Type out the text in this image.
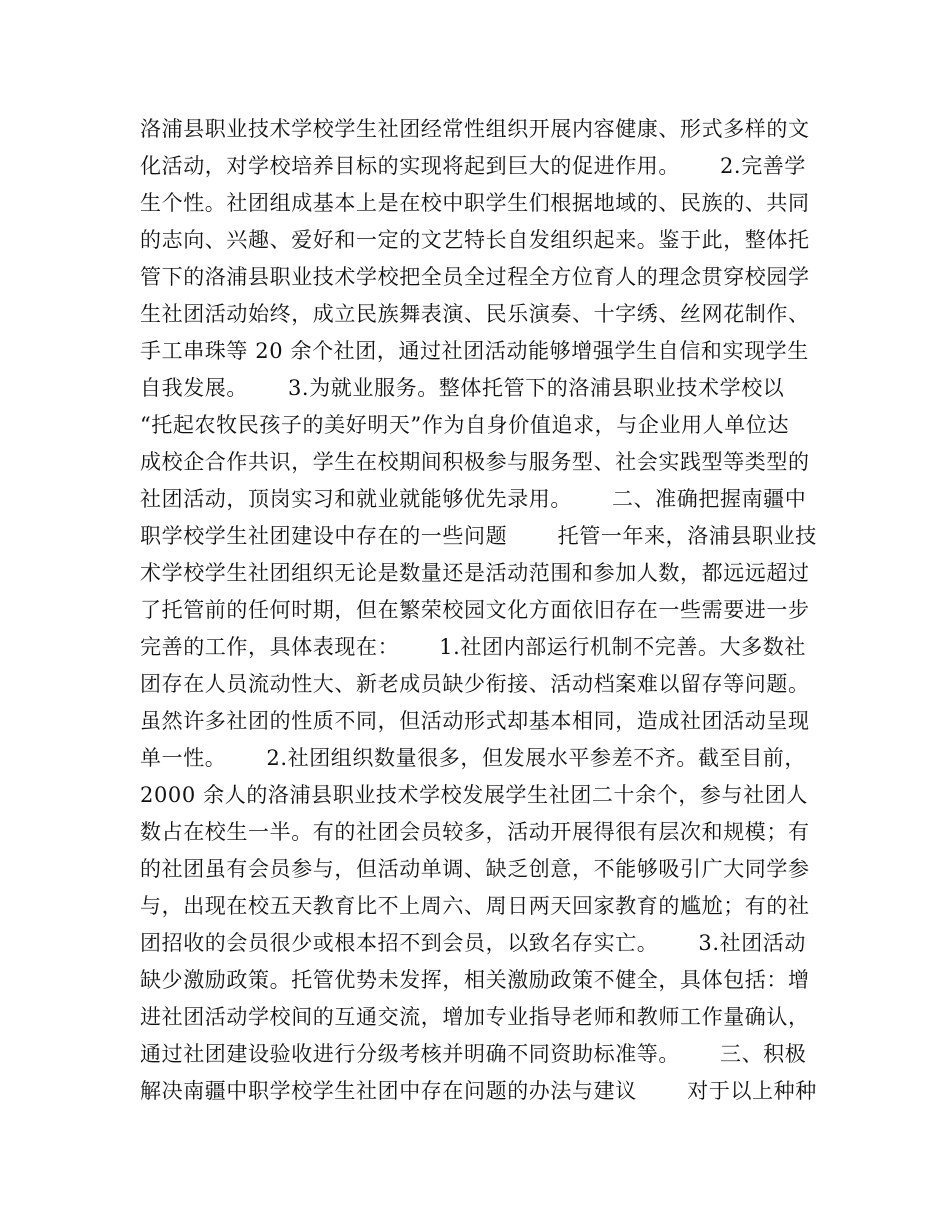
洛浦县职业技术学校学生社团经常性组织开展内容健康、形式多样的文
化活动，对学校培养目标的实现将起到巨大的促进作用。　　 2.完善学
生个性。社团组成基本上是在校中职学生们根据地域的、民族的、共同
的志向、兴趣、爱好和一定的文艺特长自发组织起来。鉴于此，整体托
管下的洛浦县职业技术学校把全员全过程全方位育人的理念贯穿校园学
生社团活动始终，成立民族舞表演、民乐演奏、十字绣、丝网花制作、
手工串珠等 20 余个社团，通过社团活动能够增强学生自信和实现学生
自我发展。　　 3.为就业服务。整体托管下的洛浦县职业技术学校以
“托起农牧民孩子的美好明天”作为自身价值追求，与企业用人单位达
成校企合作共识，学生在校期间积极参与服务型、社会实践型等类型的
社团活动，顶岗实习和就业就能够优先录用。　　 二、准确把握南疆中
职学校学生社团建设中存在的一些问题　　 托管一年来，洛浦县职业技
术学校学生社团组织无论是数量还是活动范围和参加人数，都远远超过
了托管前的任何时期，但在繁荣校园文化方面依旧存在一些需要进一步
完善的工作，具体表现在：　　 1.社团内部运行机制不完善。大多数社
团存在人员流动性大、新老成员缺少衔接、活动档案难以留存等问题。
虽然许多社团的性质不同，但活动形式却基本相同，造成社团活动呈现
单一性。　　 2.社团组织数量很多，但发展水平参差不齐。截至目前，
2000 余人的洛浦县职业技术学校发展学生社团二十余个，参与社团人
数占在校生一半。有的社团会员较多，活动开展得很有层次和规模；有
的社团虽有会员参与，但活动单调、缺乏创意，不能够吸引广大同学参
与，出现在校五天教育比不上周六、周日两天回家教育的尴尬；有的社
团招收的会员很少或根本招不到会员，以致名存实亡。　　 3.社团活动
缺少激励政策。托管优势未发挥，相关激励政策不健全，具体包括：增
进社团活动学校间的互通交流，增加专业指导老师和教师工作量确认，
通过社团建设验收进行分级考核并明确不同资助标准等。　　 三、积极
解决南疆中职学校学生社团中存在问题的办法与建议　　 对于以上种种
